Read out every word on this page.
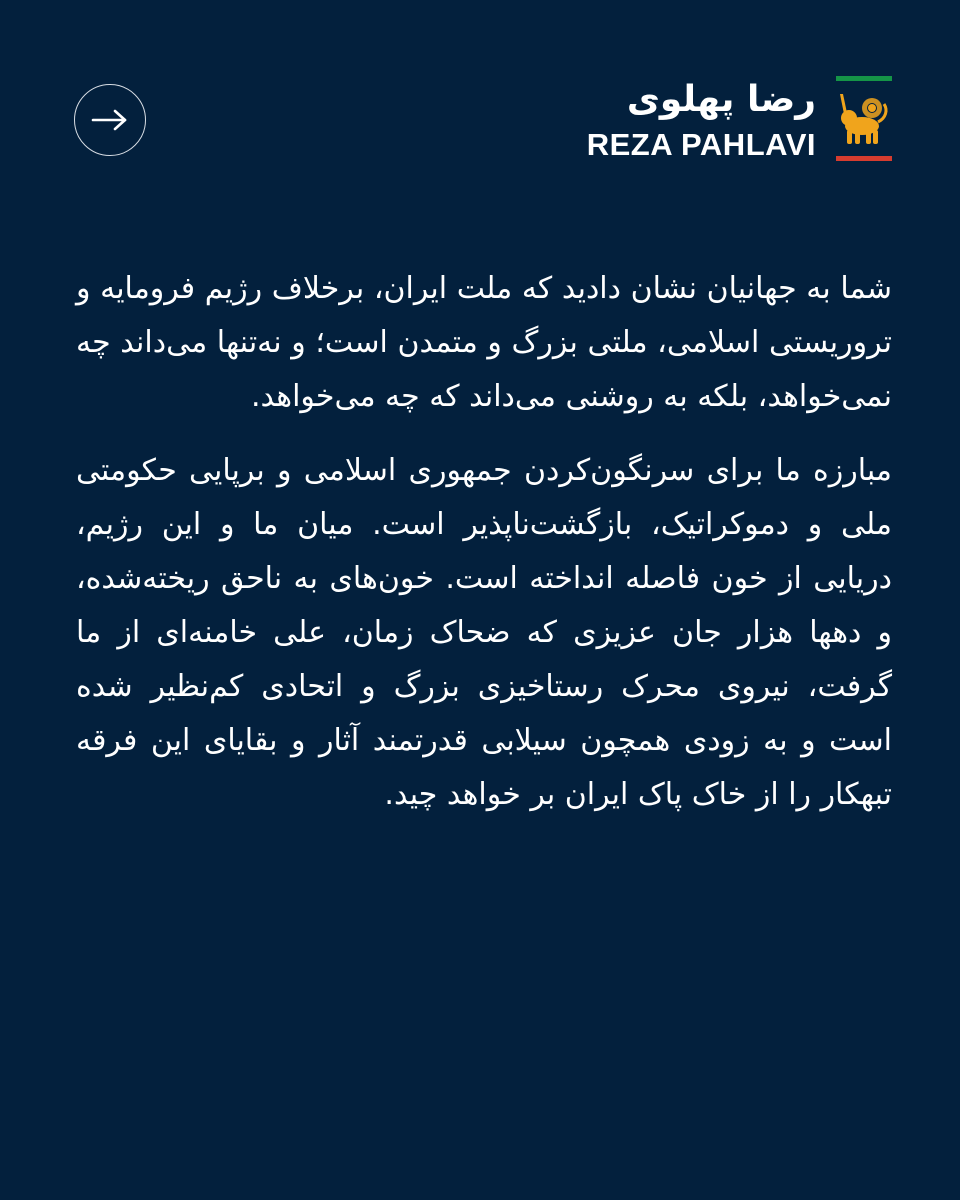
رضا پهلوی
REZA PAHLAVI

شما به جهانیان نشان دادید که ملت ایران، برخلاف رژیم فرومایه و تروریستی اسلامی، ملتی بزرگ و متمدن است؛ و نه‌تنها می‌داند چه نمی‌خواهد، بلکه به روشنی می‌داند که چه می‌خواهد.

مبارزه ما برای سرنگون‌کردن جمهوری اسلامی و برپایی حکومتی ملی و دموکراتیک، بازگشت‌ناپذیر است. میان ما و این رژیم، دریایی از خون فاصله انداخته است. خون‌های به ناحق ریخته‌شده، و دهها هزار جان عزیزی که ضحاک زمان، علی خامنه‌ای از ما گرفت، نیروی محرک رستاخیزی بزرگ و اتحادی کم‌نظیر شده است و به زودی همچون سیلابی قدرتمند آثار و بقایای این فرقه تبهکار را از خاک پاک ایران بر خواهد چید.
